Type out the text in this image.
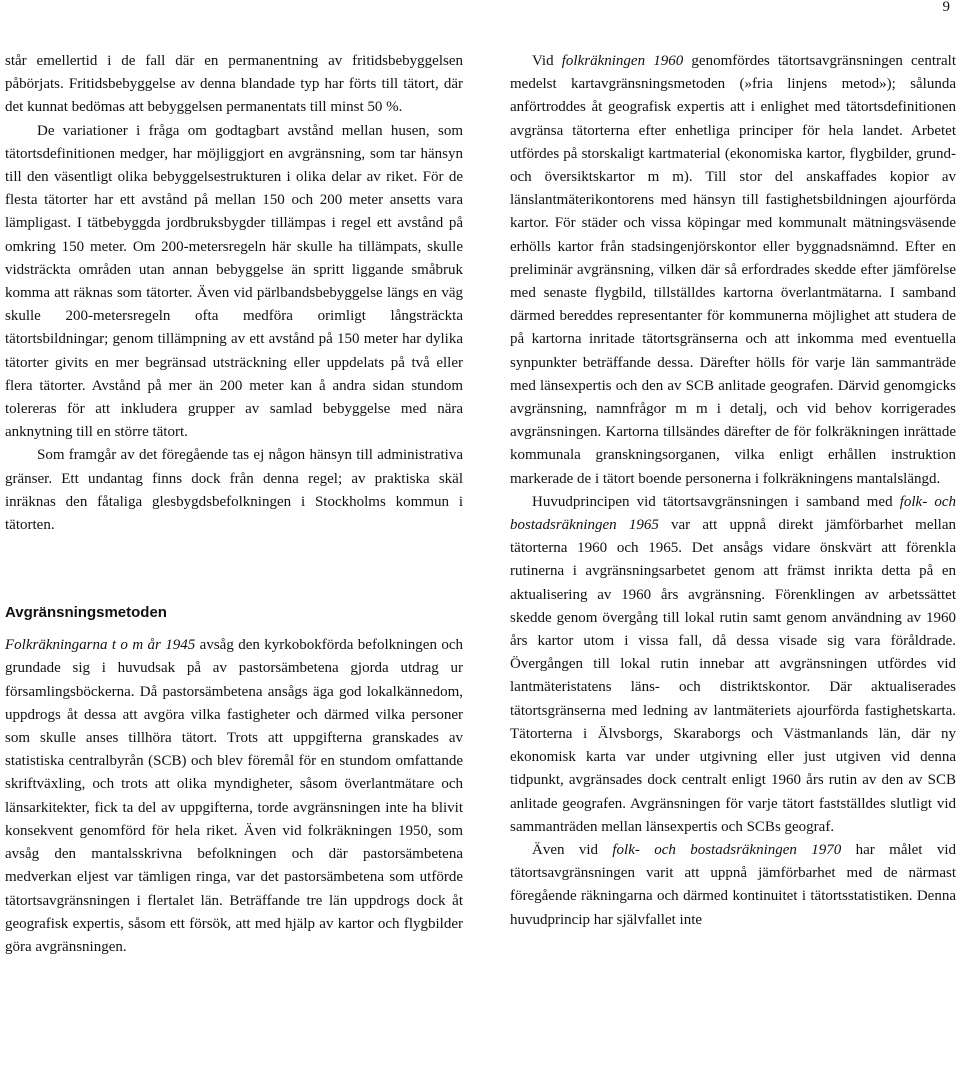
9

står emellertid i de fall där en permanentning av fritidsbebyggelsen påbörjats. Fritidsbebyggelse av denna blandade typ har förts till tätort, där det kunnat bedömas att bebyggelsen permanentats till minst 50 %.

De variationer i fråga om godtagbart avstånd mellan husen, som tätortsdefinitionen medger, har möjliggjort en avgränsning, som tar hänsyn till den väsentligt olika bebyggelsestrukturen i olika delar av riket. För de flesta tätorter har ett avstånd på mellan 150 och 200 meter ansetts vara lämpligast. I tätbebyggda jordbruksbygder tillämpas i regel ett avstånd på omkring 150 meter. Om 200-metersregeln här skulle ha tillämpats, skulle vidsträckta områden utan annan bebyggelse än spritt liggande småbruk komma att räknas som tätorter. Även vid pärlbandsbebyggelse längs en väg skulle 200-metersregeln ofta medföra orimligt långsträckta tätortsbildningar; genom tillämpning av ett avstånd på 150 meter har dylika tätorter givits en mer begränsad utsträckning eller uppdelats på två eller flera tätorter. Avstånd på mer än 200 meter kan å andra sidan stundom tolereras för att inkludera grupper av samlad bebyggelse med nära anknytning till en större tätort.

Som framgår av det föregående tas ej någon hänsyn till administrativa gränser. Ett undantag finns dock från denna regel; av praktiska skäl inräknas den fåtaliga glesbygdsbefolkningen i Stockholms kommun i tätorten.

Avgränsningsmetoden

Folkräkningarna t o m år 1945 avsåg den kyrkobokförda befolkningen och grundade sig i huvudsak på av pastorsämbetena gjorda utdrag ur församlingsböckerna. Då pastorsämbetena ansågs äga god lokalkännedom, uppdrogs åt dessa att avgöra vilka fastigheter och därmed vilka personer som skulle anses tillhöra tätort. Trots att uppgifterna granskades av statistiska centralbyrån (SCB) och blev föremål för en stundom omfattande skriftväxling, och trots att olika myndigheter, såsom överlantmätare och länsarkitekter, fick ta del av uppgifterna, torde avgränsningen inte ha blivit konsekvent genomförd för hela riket. Även vid folkräkningen 1950, som avsåg den mantalsskrivna befolkningen och där pastorsämbetena medverkan eljest var tämligen ringa, var det pastorsämbetena som utförde tätortsavgränsningen i flertalet län. Beträffande tre län uppdrogs dock åt geografisk expertis, såsom ett försök, att med hjälp av kartor och flygbilder göra avgränsningen.

Vid folkräkningen 1960 genomfördes tätortsavgränsningen centralt medelst kartavgränsningsmetoden (»fria linjens metod»); sålunda anförtroddes åt geografisk expertis att i enlighet med tätortsdefinitionen avgränsa tätorterna efter enhetliga principer för hela landet. Arbetet utfördes på storskaligt kartmaterial (ekonomiska kartor, flygbilder, grund- och översiktskartor m m). Till stor del anskaffades kopior av länslantmäterikontorens med hänsyn till fastighetsbildningen ajourförda kartor. För städer och vissa köpingar med kommunalt mätningsväsende erhölls kartor från stadsingenjörskontor eller byggnadsnämnd. Efter en preliminär avgränsning, vilken där så erfordrades skedde efter jämförelse med senaste flygbild, tillställdes kartorna överlantmätarna. I samband därmed bereddes representanter för kommunerna möjlighet att studera de på kartorna inritade tätortsgränserna och att inkomma med eventuella synpunkter beträffande dessa. Därefter hölls för varje län sammanträde med länsexpertis och den av SCB anlitade geografen. Därvid genomgicks avgränsning, namnfrågor m m i detalj, och vid behov korrigerades avgränsningen. Kartorna tillsändes därefter de för folkräkningen inrättade kommunala granskningsorganen, vilka enligt erhållen instruktion markerade de i tätort boende personerna i folkräkningens mantalslängd.

Huvudprincipen vid tätortsavgränsningen i samband med folk- och bostadsräkningen 1965 var att uppnå direkt jämförbarhet mellan tätorterna 1960 och 1965. Det ansågs vidare önskvärt att förenkla rutinerna i avgränsningsarbetet genom att främst inrikta detta på en aktualisering av 1960 års avgränsning. Förenklingen av arbetssättet skedde genom övergång till lokal rutin samt genom användning av 1960 års kartor utom i vissa fall, då dessa visade sig vara föråldrade. Övergången till lokal rutin innebar att avgränsningen utfördes vid lantmäteristatens läns- och distriktskontor. Där aktualiserades tätortsgränserna med ledning av lantmäteriets ajourförda fastighetskarta. Tätorterna i Älvsborgs, Skaraborgs och Västmanlands län, där ny ekonomisk karta var under utgivning eller just utgiven vid denna tidpunkt, avgränsades dock centralt enligt 1960 års rutin av den av SCB anlitade geografen. Avgränsningen för varje tätort fastställdes slutligt vid sammanträden mellan länsexpertis och SCBs geograf.

Även vid folk- och bostadsräkningen 1970 har målet vid tätortsavgränsningen varit att uppnå jämförbarhet med de närmast föregående räkningarna och därmed kontinuitet i tätortsstatistiken. Denna huvudprincip har självfallet inte
